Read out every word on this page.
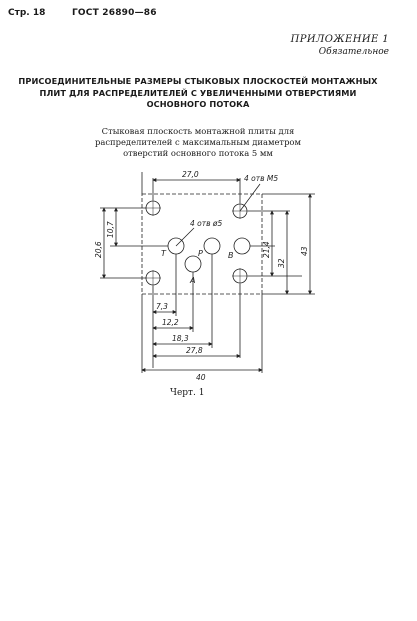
Стр. 18	ГОСТ 26890—86
ПРИЛОЖЕНИЕ 1
Обязательное
ПРИСОЕДИНИТЕЛЬНЫЕ РАЗМЕРЫ СТЫКОВЫХ ПЛОСКОСТЕЙ МОНТАЖНЫХ
ПЛИТ ДЛЯ РАСПРЕДЕЛИТЕЛЕЙ С УВЕЛИЧЕННЫМИ ОТВЕРСТИЯМИ
ОСНОВНОГО ПОТОКА
Стыковая плоскость монтажной плиты для
распределителей с максимальным диаметром
отверстий основного потока 5 мм
27,0	4 отв М5
4 отв ø5
20,6
10,7
21,4
32
43
T	P	B
A
7,3
12,2
18,3
27,8
40
Черт. 1
